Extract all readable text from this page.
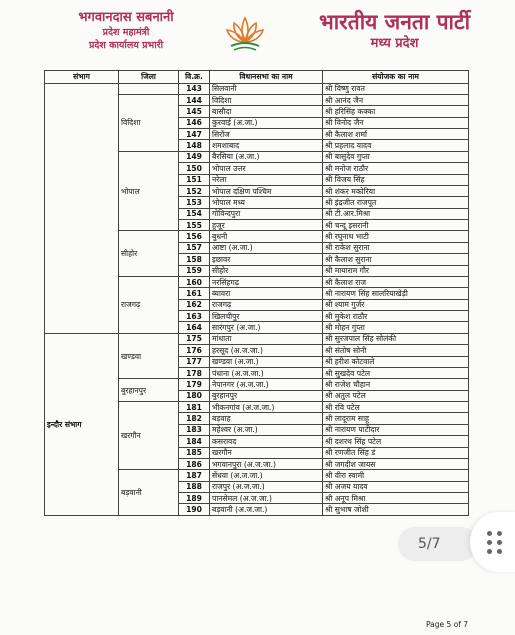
भगवानदास सबनानी
प्रदेश महामंत्री
प्रदेश कार्यालय प्रभारी
भारतीय जनता पार्टी
मध्य प्रदेश
संभाग	जिला	वि.क्र.	विधानसभा का नाम	संयोजक का नाम
		143	सिलवानी	श्री विष्णु रावत
	विदिशा	144	विदिशा	श्री आनंद जैन
		145	बासौदा	श्री हरिसिंह कक्का
		146	कुरवाई (अ.जा.)	श्री विनोद जैन
		147	सिरोंज	श्री कैलाश शर्मा
		148	शमशाबाद	श्री प्रहलाद यादव
	भोपाल	149	बैरसिया (अ.जा.)	श्री बासुदेव गुप्ता
		150	भोपाल उत्तर	श्री मनोज राठौर
		151	नरेला	श्री विजय सिंह
		152	भोपाल दक्षिण पश्चिम	श्री शंकर मकोरिया
		153	भोपाल मध्य	श्री इंद्रजीत राजपूत
		154	गोविन्दपुरा	श्री टी.आर.मिश्रा
		155	हुजूर	श्री चन्दू इसरानी
	सीहोर	156	बुधनी	श्री रघुनाथ भाटी
		157	आष्टा (अ.जा.)	श्री राकेश सुराना
		158	इछावर	श्री कैलाश सुराना
		159	सीहोर	श्री मायाराम गौर
	राजगढ़	160	नरसिंहगढ़	श्री कैलाश राज
		161	ब्यावरा	श्री नारायण सिंह सालरियाखेड़ी
		162	राजगढ़	श्री श्याम गुर्जर
		163	खिलचीपुर	श्री मुकेश राठौर
		164	सारंगपुर (अ.जा.)	श्री मोहन गुप्ता
इन्दौर संभाग	खण्डवा	175	मांधाता	श्री सुरजपाल सिंह सोलंकी
		176	हरसूद (अ.ज.जा.)	श्री संतोष सोनी
		177	खण्डवा (अ.जा.)	श्री हरीश कोटवाले
		178	पंधाना (अ.ज.जा.)	श्री सुखदेव पटेल
	बुरहानपुर	179	नेपानगर (अ.ज.जा.)	श्री राजेश चौहान
		180	बुरहानपुर	श्री अतुल पटेल
	खरगौन	181	भीकनगांव (अ.ज.जा.)	श्री रवि पटेल
		182	बड़वाह	श्री लादूराम साहू
		183	महेश्वर (अ.जा.)	श्री नारायण पाटीदार
		184	कसरावद	श्री दशरथ सिंह पटेल
		185	खरगौन	श्री रणजीत सिंह डं
		186	भगवानपुरा (अ.ज.जा.)	श्री जगदीश जायस
	बड़वानी	187	सेंधवा (अ.ज.जा.)	श्री वीरा स्वामी
		188	राजपुर (अ.ज.जा.)	श्री अजय यादव
		189	पानसेमल (अ.ज.जा.)	श्री अनूप मिश्रा
		190	बड़वानी (अ.ज.जा.)	श्री सुभाष जोशी
Page 5 of 7
5/7
